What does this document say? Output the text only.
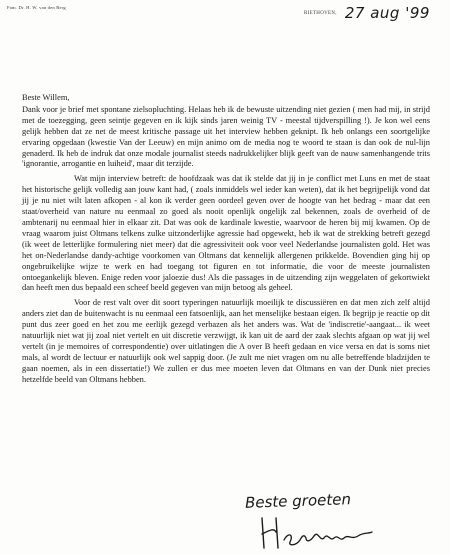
Fam. Dr. H. W. van den Berg
RIETHOVEN, 27 aug '99

Beste Willem,

Dank voor je brief met spontane zielsopluchting. Helaas heb ik de bewuste uitzending niet gezien ( men had mij, in strijd met de toezegging, geen seintje gegeven en ik kijk sinds jaren weinig TV - meestal tijdverspilling !). Je kon wel eens gelijk hebben dat ze net de meest kritische passage uit het interview hebben geknipt. Ik heb onlangs een soortgelijke ervaring opgedaan (kwestie Van der Leeuw) en mijn animo om de media nog te woord te staan is dan ook de nul-lijn genaderd. Ik heb de indruk dat onze modale journalist steeds nadrukkelijker blijk geeft van de nauw samenhangende trits 'ignorantie, arrogantie en luiheid', maar dit terzijde.

Wat mijn interview betreft: de hoofdzaak was dat ik stelde dat jij in je conflict met Luns en met de staat het historische gelijk volledig aan jouw kant had, ( zoals inmiddels wel ieder kan weten), dat ik het begrijpelijk vond dat jij je nu niet wilt laten afkopen - al kon ik verder geen oordeel geven over de hoogte van het bedrag - maar dat een staat/overheid van nature nu eenmaal zo goed als nooit openlijk ongelijk zal bekennen, zoals de overheid of de ambtenarij nu eenmaal hier in elkaar zit. Dat was ook de kardinale kwestie, waarvoor de heren bij mij kwamen. Op de vraag waarom juist Oltmans telkens zulke uitzonderlijke agressie had opgewekt, heb ik wat de strekking betreft gezegd (ik weet de letterlijke formulering niet meer) dat die agressiviteit ook voor veel Nederlandse journalisten gold. Het was het on-Nederlandse dandy-achtige voorkomen van Oltmans dat kennelijk allergenen prikkelde. Bovendien ging hij op ongebruikelijke wijze te werk en had toegang tot figuren en tot informatie, die voor de meeste journalisten ontoegankelijk bleven. Enige reden voor jaloezie dus! Als die passages in de uitzending zijn weggelaten of gekortwiekt dan heeft men dus bepaald een scheef beeld gegeven van mijn betoog als geheel.

Voor de rest valt over dit soort typeringen natuurlijk moeilijk te discussiëren en dat men zich zelf altijd anders ziet dan de buitenwacht is nu eenmaal een fatsoenlijk, aan het menselijke bestaan eigen. Ik begrijp je reactie op dit punt dus zeer goed en het zou me eerlijk gezegd verbazen als het anders was. Wat de 'indiscretie'-aangaat... ik weet natuurlijk niet wat jij zoal niet vertelt en uit discretie verzwijgt, ik kan uit de aard der zaak slechts afgaan op wat jij wel vertelt (in je memoires of correspondentie) over uitlatingen die A over B heeft gedaan en vice versa en dat is soms niet mals, al wordt de lectuur er natuurlijk ook wel sappig door. (Je zult me niet vragen om nu alle betreffende bladzijden te gaan noemen, als in een dissertatie!) We zullen er dus mee moeten leven dat Oltmans en van der Dunk niet precies hetzelfde beeld van Oltmans hebben.

Beste groeten
